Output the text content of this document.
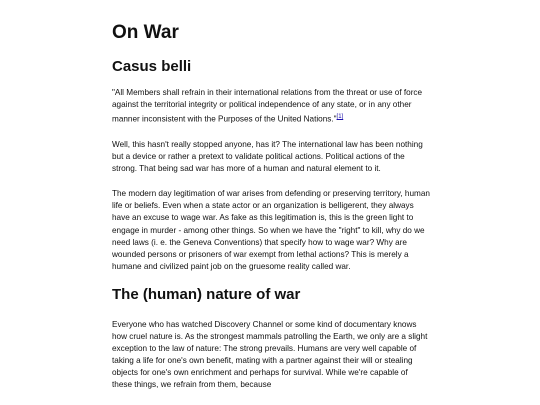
On War
Casus belli

"All Members shall refrain in their international relations from the threat or use of force against the territorial integrity or political independence of any state, or in any other manner inconsistent with the Purposes of the United Nations."[1]

Well, this hasn't really stopped anyone, has it? The international law has been nothing but a device or rather a pretext to validate political actions. Political actions of the strong. That being sad war has more of a human and natural element to it.

The modern day legitimation of war arises from defending or preserving territory, human life or beliefs. Even when a state actor or an organization is belligerent, they always have an excuse to wage war. As fake as this legitimation is, this is the green light to engage in murder - among other things. So when we have the "right" to kill, why do we need laws (i. e. the Geneva Conventions) that specify how to wage war? Why are wounded persons or prisoners of war exempt from lethal actions? This is merely a humane and civilized paint job on the gruesome reality called war.

The (human) nature of war

Everyone who has watched Discovery Channel or some kind of documentary knows how cruel nature is. As the strongest mammals patrolling the Earth, we only are a slight exception to the law of nature: The strong prevails. Humans are very well capable of taking a life for one's own benefit, mating with a partner against their will or stealing objects for one's own enrichment and perhaps for survival. While we're capable of these things, we refrain from them, because
